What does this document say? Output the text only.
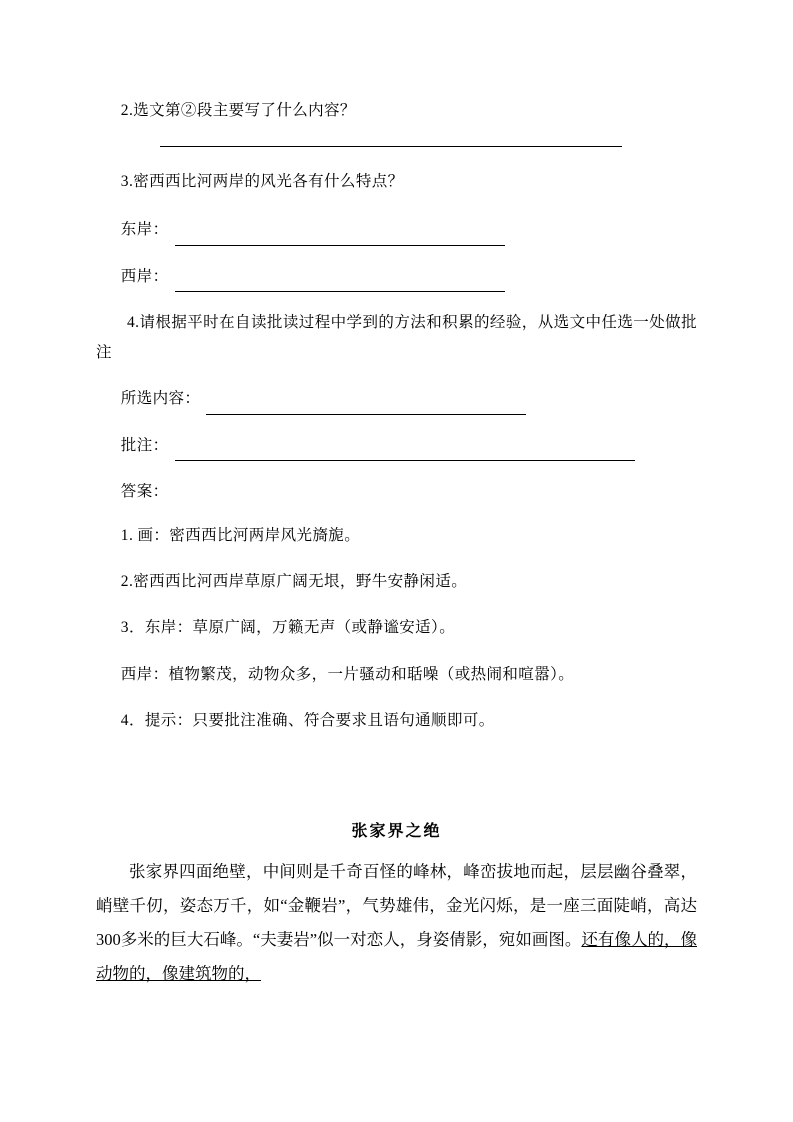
2.选文第②段主要写了什么内容？

3.密西西比河两岸的风光各有什么特点？

东岸：
西岸：

4.请根据平时在自读批读过程中学到的方法和积累的经验，从选文中任选一处做批注

所选内容：
批注：

答案：

1. 画：密西西比河两岸风光旖旎。

2.密西西比河西岸草原广阔无垠，野牛安静闲适。

3．东岸：草原广阔，万籁无声（或静谧安适）。

西岸：植物繁茂，动物众多，一片骚动和聒噪（或热闹和喧嚣）。

4．提示：只要批注准确、符合要求且语句通顺即可。

张家界之绝

张家界四面绝壁，中间则是千奇百怪的峰林，峰峦拔地而起，层层幽谷叠翠，峭壁千仞，姿态万千，如“金鞭岩”，气势雄伟，金光闪烁，是一座三面陡峭，高达300多米的巨大石峰。“夫妻岩”似一对恋人，身姿倩影，宛如画图。还有像人的，像动物的，像建筑物的，
